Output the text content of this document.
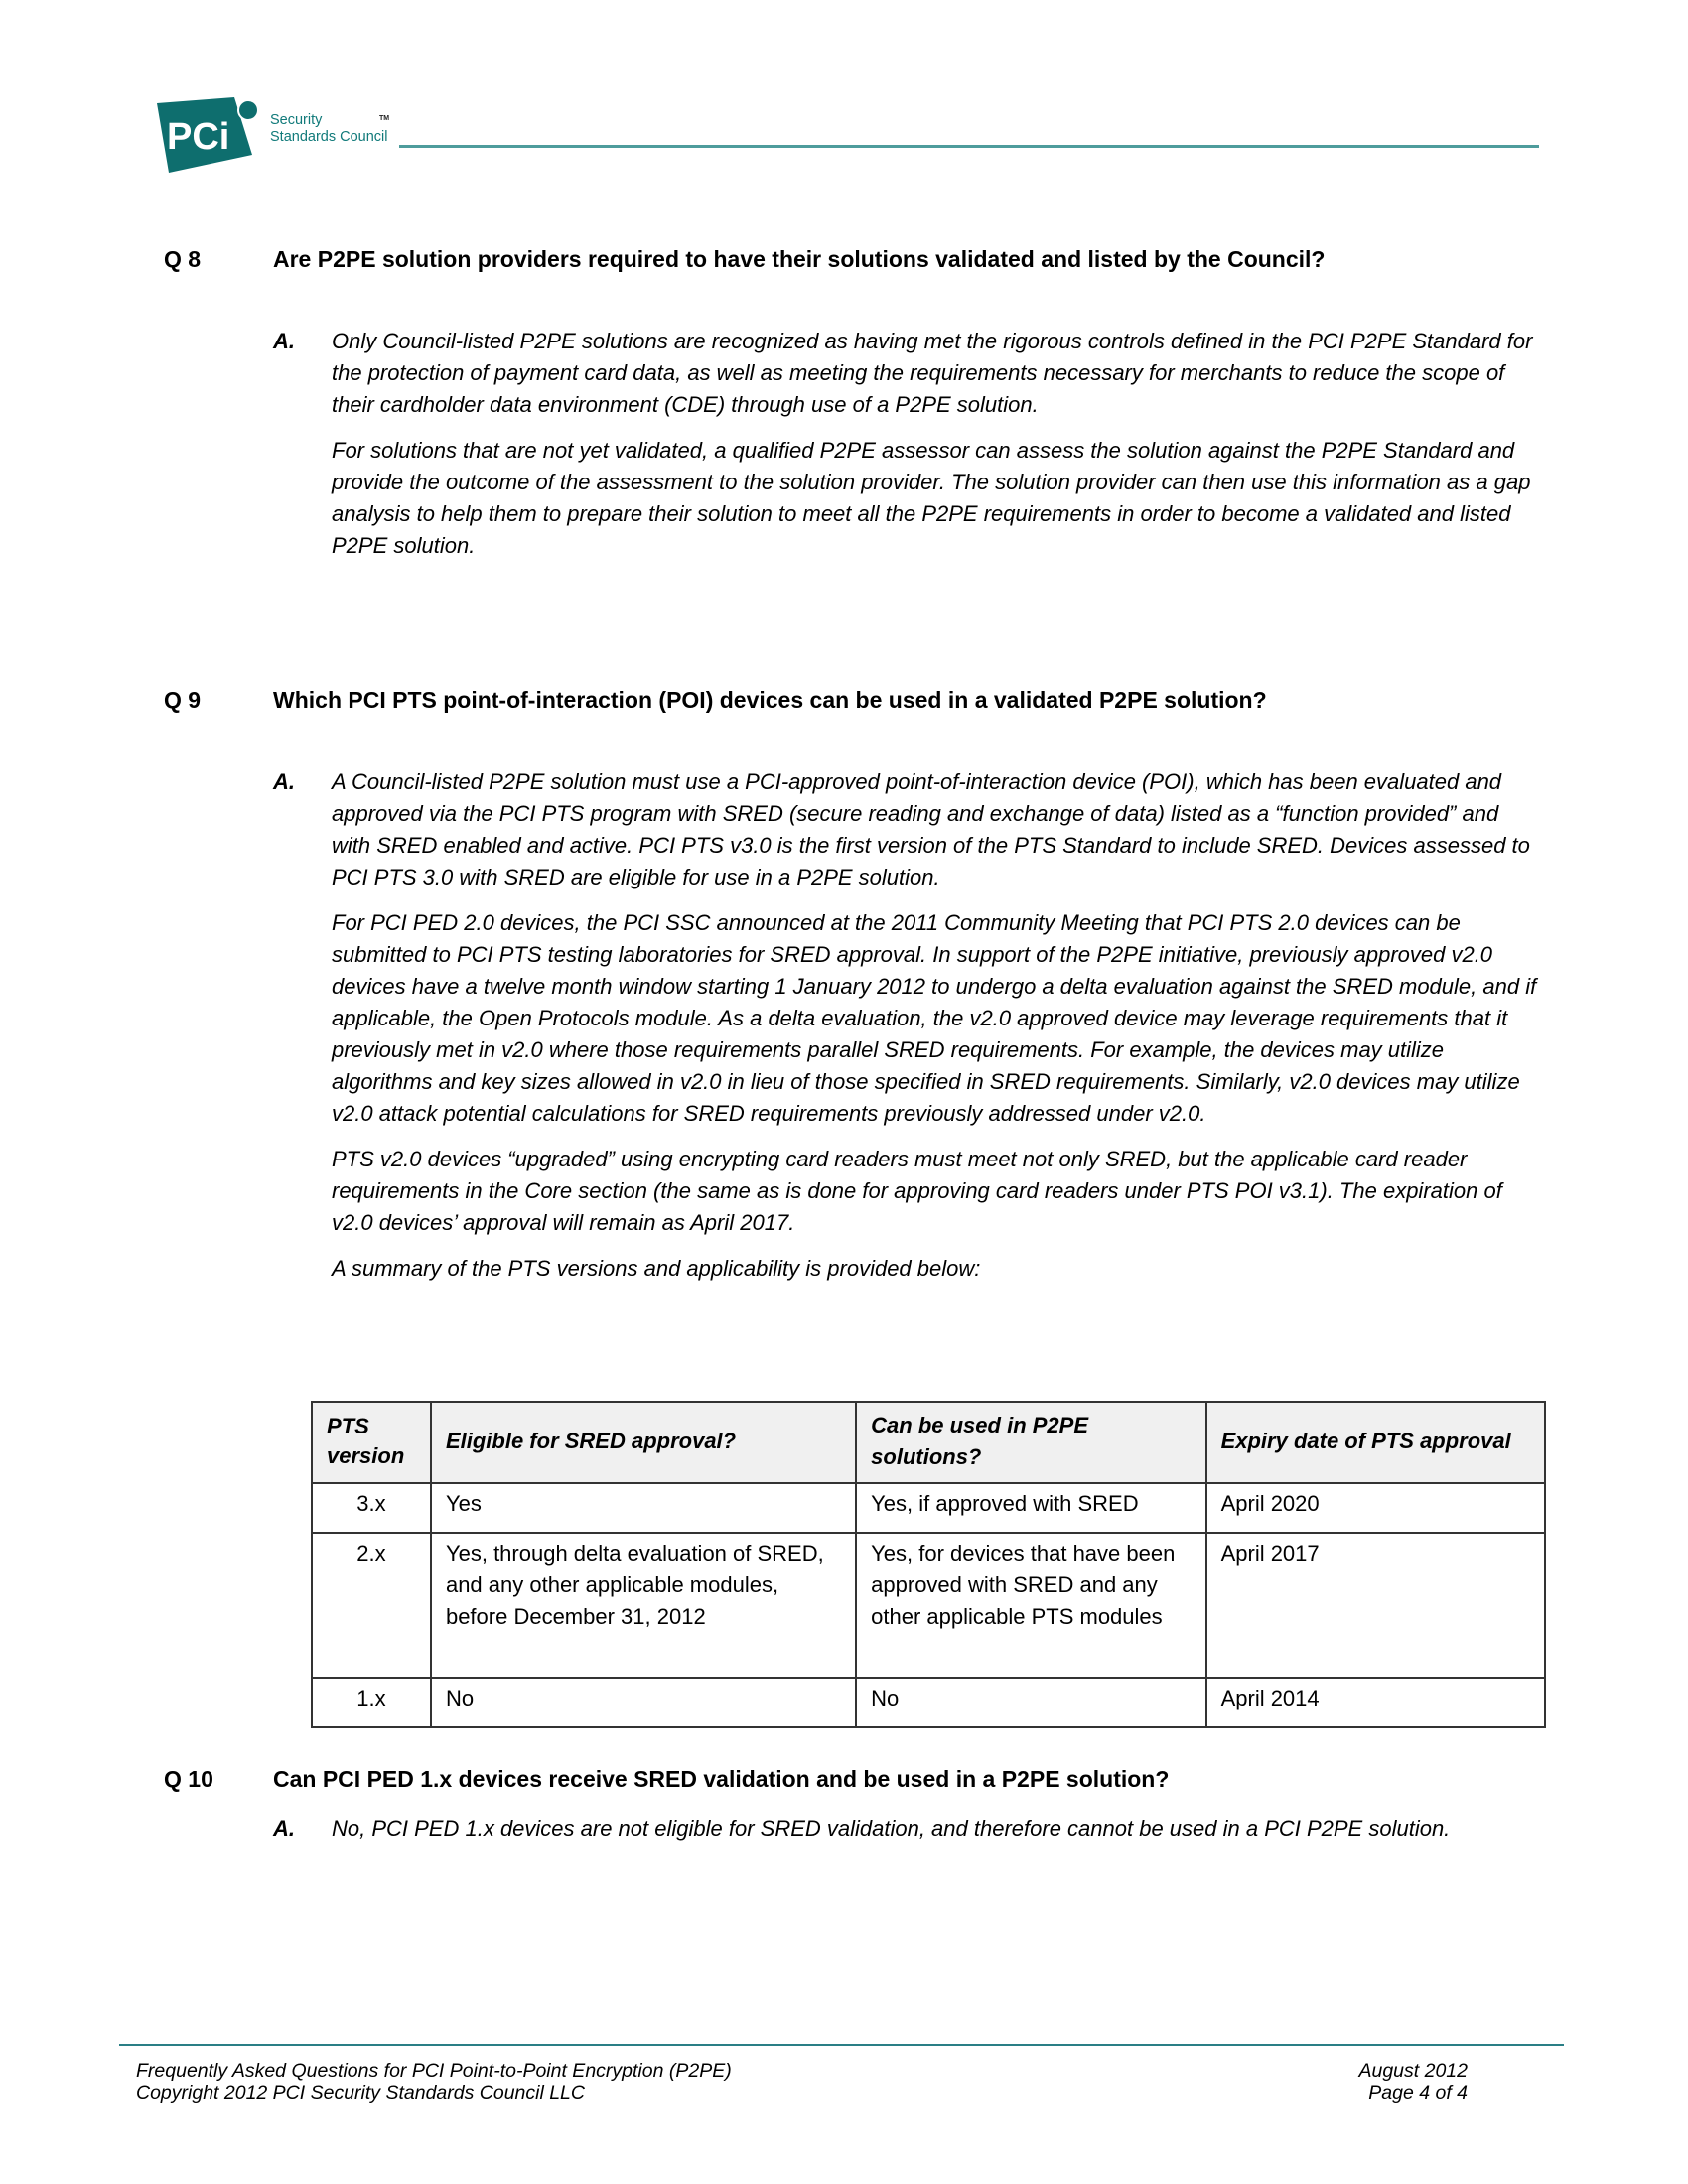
PCi	Security
Standards Council
TM
Q 8	Are P2PE solution providers required to have their solutions validated and listed by the Council?
A. Only Council-listed P2PE solutions are recognized as having met the rigorous controls defined in the PCI P2PE Standard for the protection of payment card data, as well as meeting the requirements necessary for merchants to reduce the scope of their cardholder data environment (CDE) through use of a P2PE solution.

For solutions that are not yet validated, a qualified P2PE assessor can assess the solution against the P2PE Standard and provide the outcome of the assessment to the solution provider. The solution provider can then use this information as a gap analysis to help them to prepare their solution to meet all the P2PE requirements in order to become a validated and listed P2PE solution.

Q 9	Which PCI PTS point-of-interaction (POI) devices can be used in a validated P2PE solution?
A. A Council-listed P2PE solution must use a PCI-approved point-of-interaction device (POI), which has been evaluated and approved via the PCI PTS program with SRED (secure reading and exchange of data) listed as a “function provided” and with SRED enabled and active. PCI PTS v3.0 is the first version of the PTS Standard to include SRED. Devices assessed to PCI PTS 3.0 with SRED are eligible for use in a P2PE solution.

For PCI PED 2.0 devices, the PCI SSC announced at the 2011 Community Meeting that PCI PTS 2.0 devices can be submitted to PCI PTS testing laboratories for SRED approval. In support of the P2PE initiative, previously approved v2.0 devices have a twelve month window starting 1 January 2012 to undergo a delta evaluation against the SRED module, and if applicable, the Open Protocols module. As a delta evaluation, the v2.0 approved device may leverage requirements that it previously met in v2.0 where those requirements parallel SRED requirements. For example, the devices may utilize algorithms and key sizes allowed in v2.0 in lieu of those specified in SRED requirements. Similarly, v2.0 devices may utilize v2.0 attack potential calculations for SRED requirements previously addressed under v2.0.

PTS v2.0 devices “upgraded” using encrypting card readers must meet not only SRED, but the applicable card reader requirements in the Core section (the same as is done for approving card readers under PTS POI v3.1). The expiration of v2.0 devices’ approval will remain as April 2017.

A summary of the PTS versions and applicability is provided below:

PTS version	Eligible for SRED approval?	Can be used in P2PE solutions?	Expiry date of PTS approval
3.x	Yes	Yes, if approved with SRED	April 2020
2.x	Yes, through delta evaluation of SRED, and any other applicable modules, before December 31, 2012	Yes, for devices that have been approved with SRED and any other applicable PTS modules	April 2017
1.x	No	No	April 2014
Q 10	Can PCI PED 1.x devices receive SRED validation and be used in a P2PE solution?
A. No, PCI PED 1.x devices are not eligible for SRED validation, and therefore cannot be used in a PCI P2PE solution.

Frequently Asked Questions for PCI Point-to-Point Encryption (P2PE)
Copyright 2012 PCI Security Standards Council LLC
August 2012
Page 4 of 4
